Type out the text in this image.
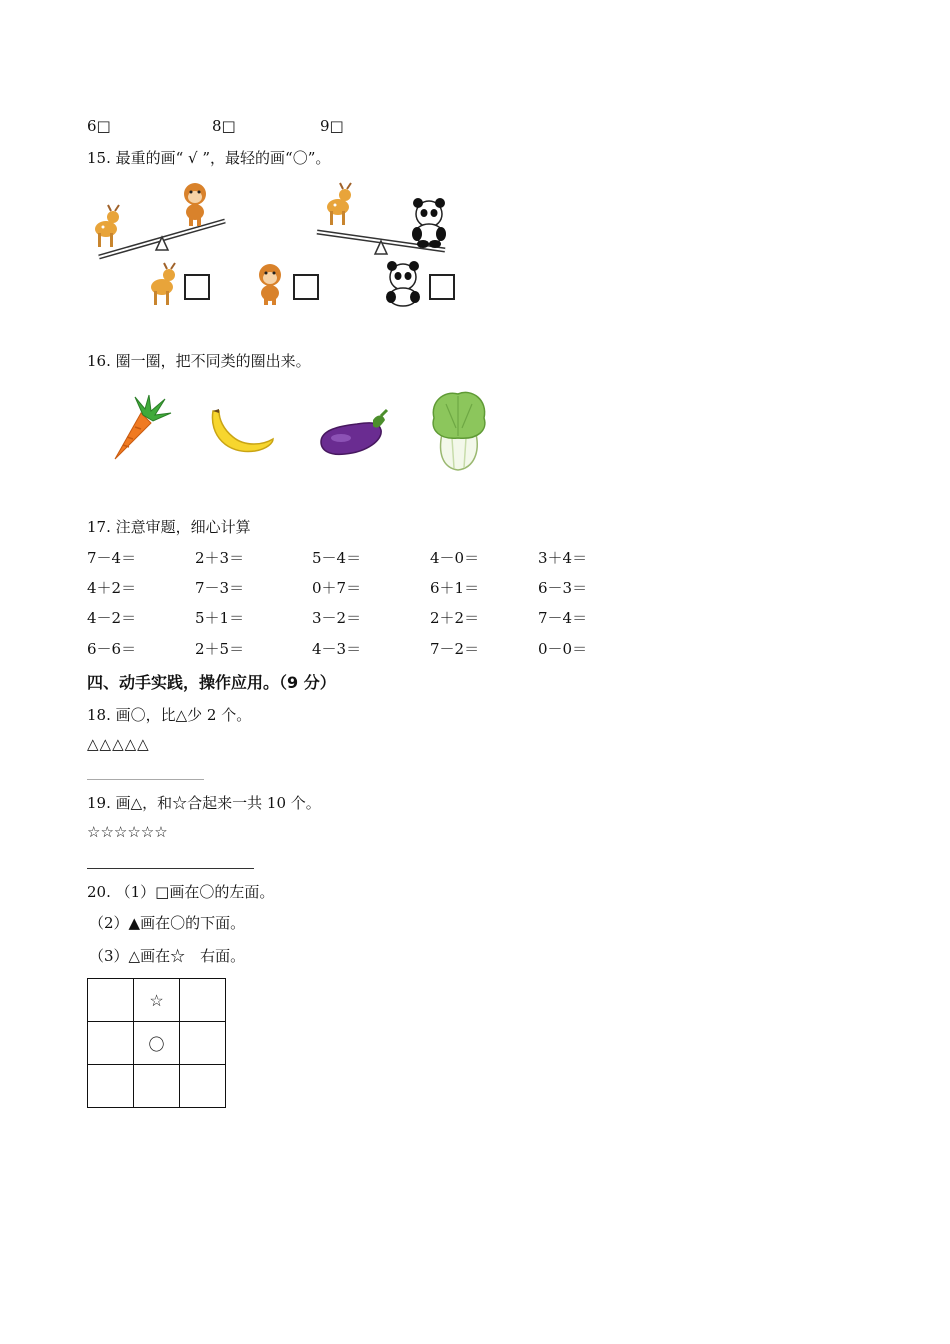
6□	8□	9□
15. 最重的画“ √ ”，最轻的画“〇”。
16. 圈一圈，把不同类的圈出来。
17. 注意审题，细心计算
7－4＝	2＋3＝	5－4＝	4－0＝	3＋4＝
4＋2＝	7－3＝	0＋7＝	6＋1＝	6－3＝
4－2＝	5＋1＝	3－2＝	2＋2＝	7－4＝
6－6＝	2＋5＝	4－3＝	7－2＝	0－0＝
四、动手实践，操作应用。（9 分）
18. 画〇，比△少 2 个。
△△△△△
19. 画△，和☆合起来一共 10 个。
☆☆☆☆☆☆
20. （1）□画在〇的左面。
（2）▲画在〇的下面。
（3）△画在☆　右面。
	☆	
	〇	
